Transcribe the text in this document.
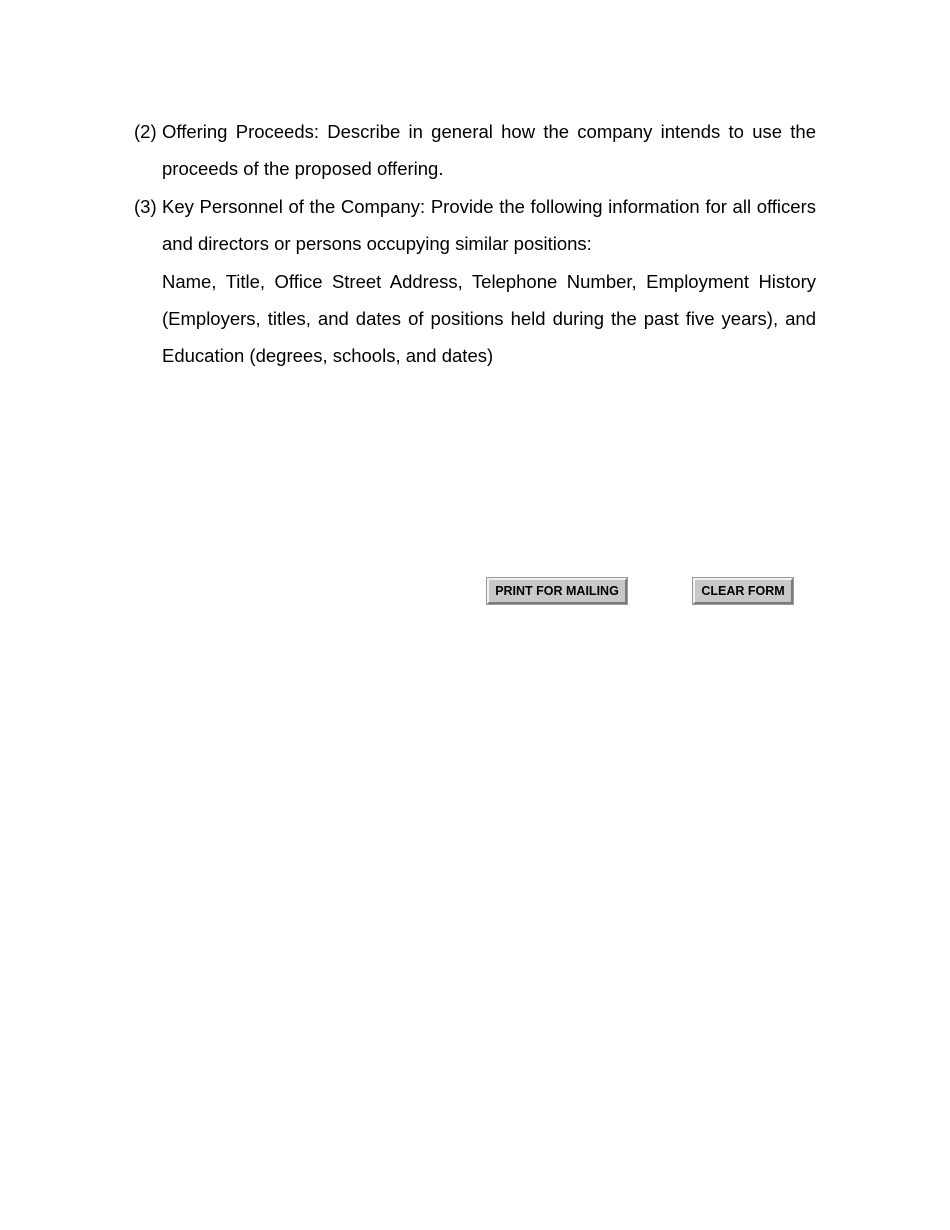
(2) Offering Proceeds: Describe in general how the company intends to use the proceeds of the proposed offering.

(3) Key Personnel of the Company: Provide the following information for all officers and directors or persons occupying similar positions:

Name, Title, Office Street Address, Telephone Number, Employment History (Employers, titles, and dates of positions held during the past five years), and Education (degrees, schools, and dates)

PRINT FOR MAILING	CLEAR FORM
